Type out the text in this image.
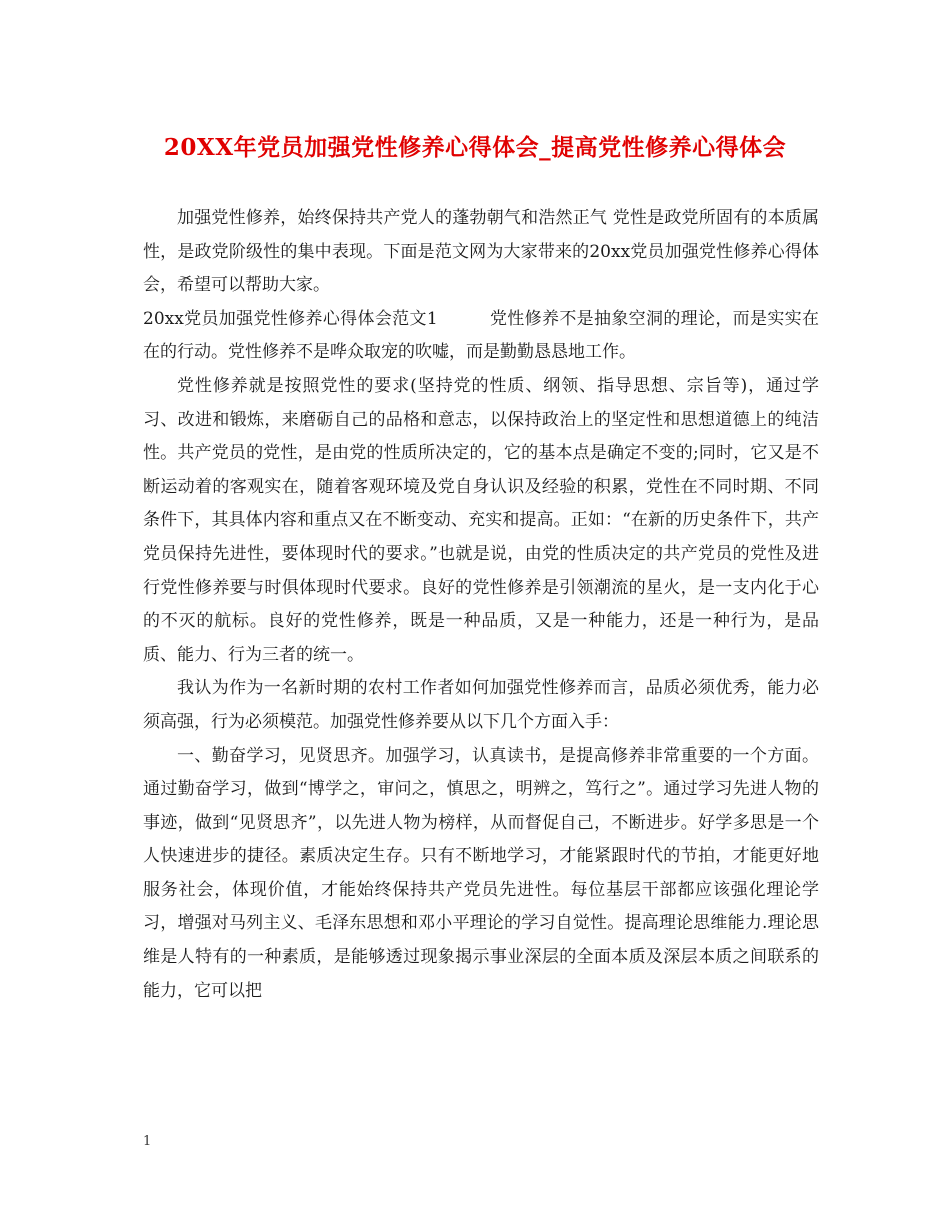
20XX年党员加强党性修养心得体会_提高党性修养心得体会

加强党性修养，始终保持共产党人的蓬勃朝气和浩然正气 党性是政党所固有的本质属性，是政党阶级性的集中表现。下面是范文网为大家带来的20xx党员加强党性修养心得体会，希望可以帮助大家。

20xx党员加强党性修养心得体会范文1　　　党性修养不是抽象空洞的理论，而是实实在在的行动。党性修养不是哗众取宠的吹嘘，而是勤勤恳恳地工作。

党性修养就是按照党性的要求(坚持党的性质、纲领、指导思想、宗旨等)，通过学习、改进和锻炼，来磨砺自己的品格和意志，以保持政治上的坚定性和思想道德上的纯洁性。共产党员的党性，是由党的性质所决定的，它的基本点是确定不变的;同时，它又是不断运动着的客观实在，随着客观环境及党自身认识及经验的积累，党性在不同时期、不同条件下，其具体内容和重点又在不断变动、充实和提高。正如：“在新的历史条件下，共产党员保持先进性，要体现时代的要求。”也就是说，由党的性质决定的共产党员的党性及进行党性修养要与时俱体现时代要求。良好的党性修养是引领潮流的星火，是一支内化于心的不灭的航标。良好的党性修养，既是一种品质，又是一种能力，还是一种行为，是品质、能力、行为三者的统一。

我认为作为一名新时期的农村工作者如何加强党性修养而言，品质必须优秀，能力必须高强，行为必须模范。加强党性修养要从以下几个方面入手：

一、勤奋学习，见贤思齐。加强学习，认真读书，是提高修养非常重要的一个方面。通过勤奋学习，做到“博学之，审问之，慎思之，明辨之，笃行之”。通过学习先进人物的事迹，做到“见贤思齐”，以先进人物为榜样，从而督促自己，不断进步。好学多思是一个人快速进步的捷径。素质决定生存。只有不断地学习，才能紧跟时代的节拍，才能更好地服务社会，体现价值，才能始终保持共产党员先进性。每位基层干部都应该强化理论学习，增强对马列主义、毛泽东思想和邓小平理论的学习自觉性。提高理论思维能力.理论思维是人特有的一种素质，是能够透过现象揭示事业深层的全面本质及深层本质之间联系的能力，它可以把

1
